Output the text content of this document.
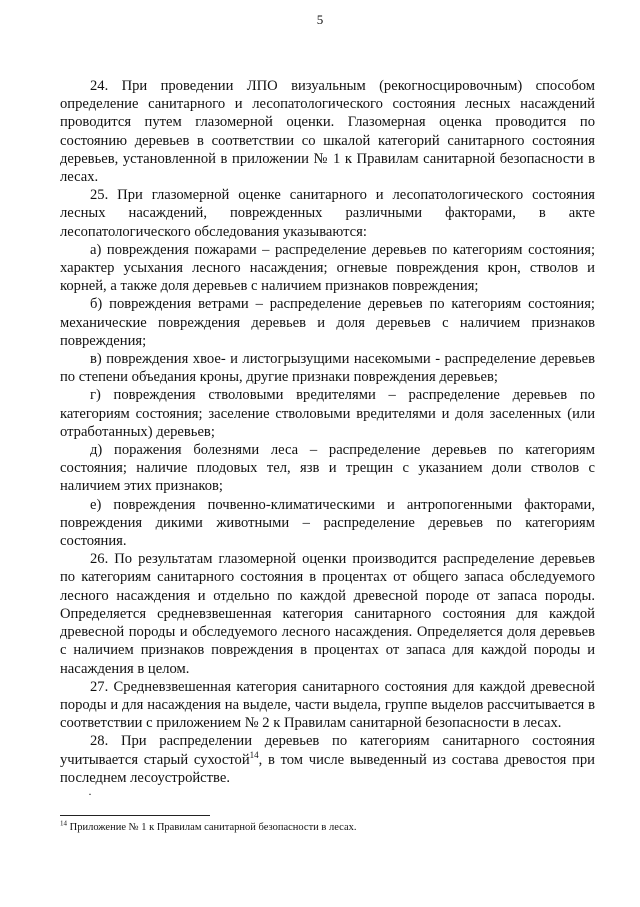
5

24. При проведении ЛПО визуальным (рекогносцировочным) способом определение санитарного и лесопатологического состояния лесных насаждений проводится путем глазомерной оценки. Глазомерная оценка проводится по состоянию деревьев в соответствии со шкалой категорий санитарного состояния деревьев, установленной в приложении № 1 к Правилам санитарной безопасности в лесах.

25. При глазомерной оценке санитарного и лесопатологического состояния лесных насаждений, поврежденных различными факторами, в акте лесопатологического обследования указываются:

а) повреждения пожарами – распределение деревьев по категориям состояния; характер усыхания лесного насаждения; огневые повреждения крон, стволов и корней, а также доля деревьев с наличием признаков повреждения;

б) повреждения ветрами – распределение деревьев по категориям состояния; механические повреждения деревьев и доля деревьев с наличием признаков повреждения;

в) повреждения хвое- и листогрызущими насекомыми - распределение деревьев по степени объедания кроны, другие признаки повреждения деревьев;

г) повреждения стволовыми вредителями – распределение деревьев по категориям состояния; заселение стволовыми вредителями и доля заселенных (или отработанных) деревьев;

д) поражения болезнями леса – распределение деревьев по категориям состояния; наличие плодовых тел, язв и трещин с указанием доли стволов с наличием этих признаков;

е) повреждения почвенно-климатическими и антропогенными факторами, повреждения дикими животными – распределение деревьев по категориям состояния.

26. По результатам глазомерной оценки производится распределение деревьев по категориям санитарного состояния в процентах от общего запаса обследуемого лесного насаждения и отдельно по каждой древесной породе от запаса породы. Определяется средневзвешенная категория санитарного состояния для каждой древесной породы и обследуемого лесного насаждения. Определяется доля деревьев с наличием признаков повреждения в процентах от запаса для каждой породы и насаждения в целом.

27. Средневзвешенная категория санитарного состояния для каждой древесной породы и для насаждения на выделе, части выдела, группе выделов рассчитывается в соответствии с приложением № 2 к Правилам санитарной безопасности в лесах.

28. При распределении деревьев по категориям санитарного состояния учитывается старый сухостой$^{14}$, в том числе выведенный из состава древостоя при последнем лесоустройстве.

·
$^{14}$ Приложение № 1 к Правилам санитарной безопасности в лесах.
